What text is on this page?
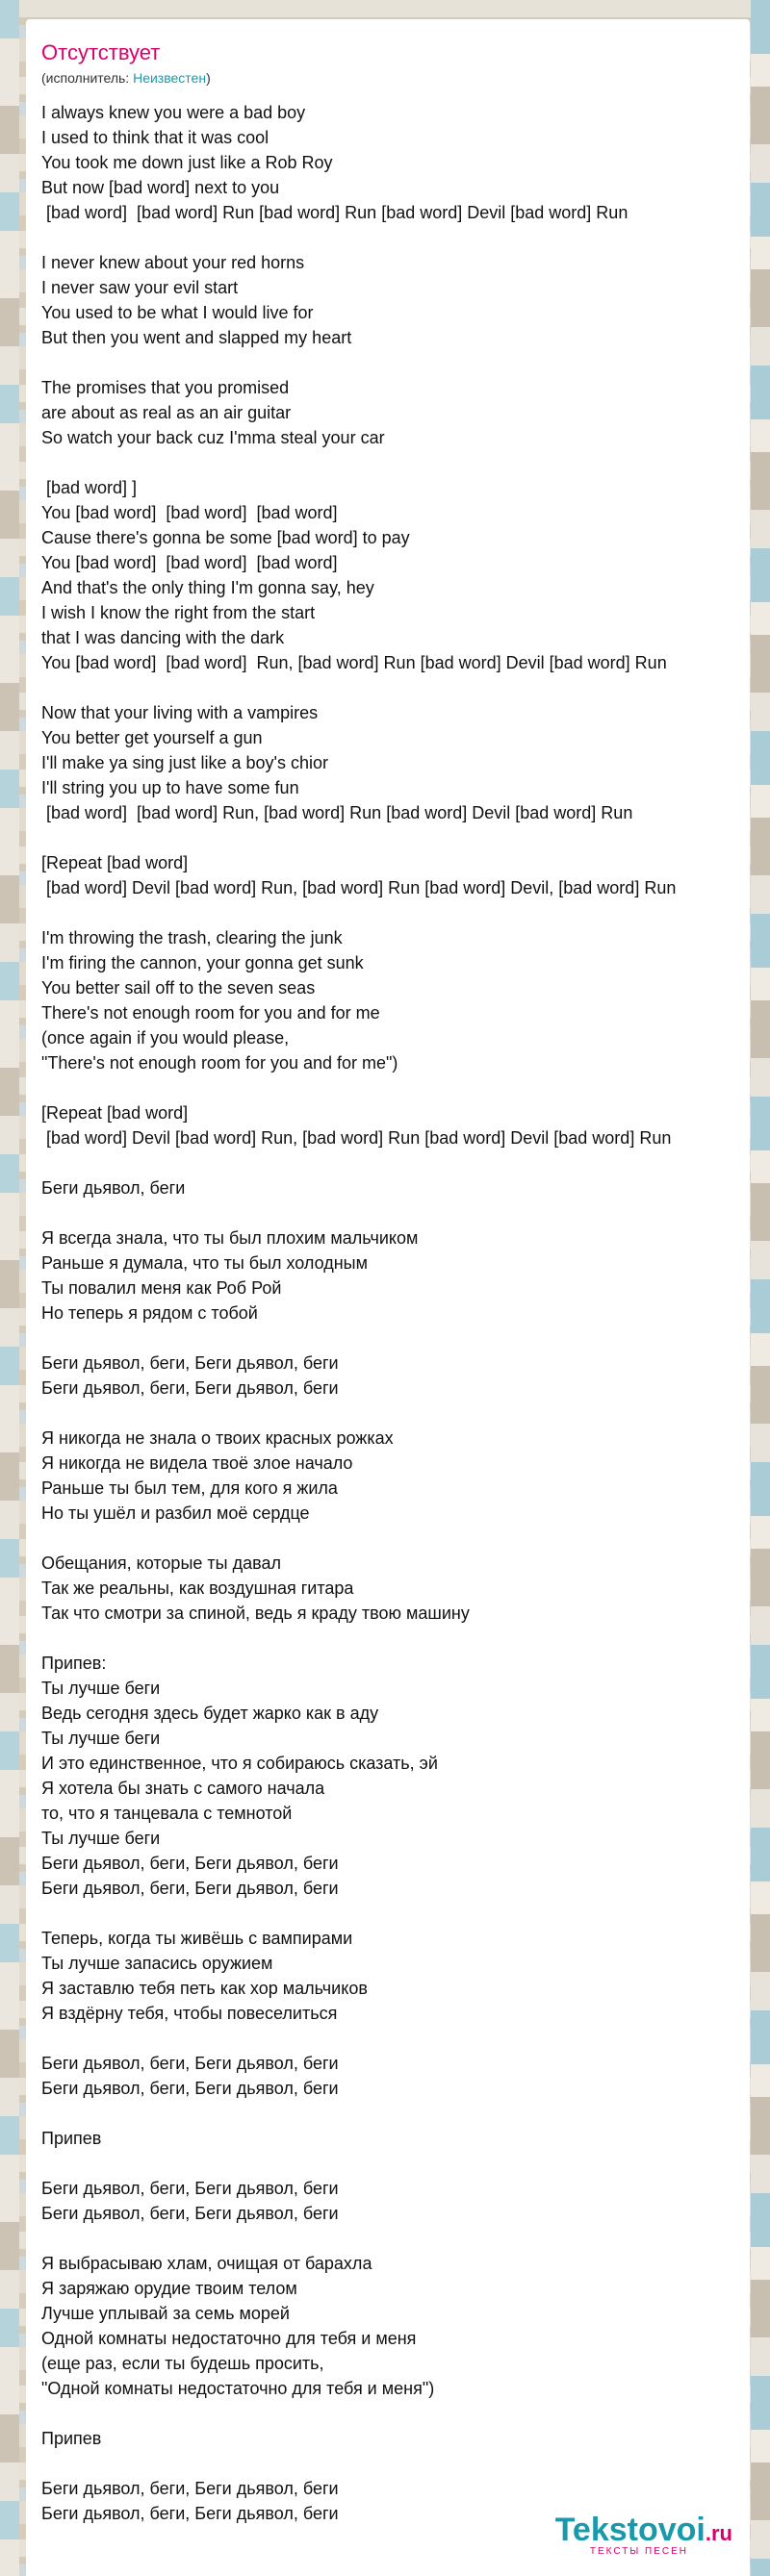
Отсутствует
(исполнитель: Неизвестен)
I always knew you were a bad boy
I used to think that it was cool
You took me down just like a Rob Roy
But now [bad word] next to you
[bad word]  [bad word] Run [bad word] Run [bad word] Devil [bad word] Run
I never knew about your red horns
I never saw your evil start
You used to be what I would live for
But then you went and slapped my heart
The promises that you promised
are about as real as an air guitar
So watch your back cuz I'mma steal your car
[bad word] ]
You [bad word]  [bad word]  [bad word]
Cause there's gonna be some [bad word] to pay
You [bad word]  [bad word]  [bad word]
And that's the only thing I'm gonna say, hey
I wish I know the right from the start
that I was dancing with the dark
You [bad word]  [bad word]  Run, [bad word] Run [bad word] Devil [bad word] Run
Now that your living with a vampires
You better get yourself a gun
I'll make ya sing just like a boy's chior
I'll string you up to have some fun
[bad word]  [bad word] Run, [bad word] Run [bad word] Devil [bad word] Run
[Repeat [bad word]
[bad word] Devil [bad word] Run, [bad word] Run [bad word] Devil, [bad word] Run
I'm throwing the trash, clearing the junk
I'm firing the cannon, your gonna get sunk
You better sail off to the seven seas
There's not enough room for you and for me
(once again if you would please,
"There's not enough room for you and for me")
[Repeat [bad word]
[bad word] Devil [bad word] Run, [bad word] Run [bad word] Devil [bad word] Run
Беги дьявол, беги
Я всегда знала, что ты был плохим мальчиком
Раньше я думала, что ты был холодным
Ты повалил меня как Роб Рой
Но теперь я рядом с тобой
Беги дьявол, беги, Беги дьявол, беги
Беги дьявол, беги, Беги дьявол, беги
Я никогда не знала о твоих красных рожках
Я никогда не видела твоё злое начало
Раньше ты был тем, для кого я жила
Но ты ушёл и разбил моё сердце
Обещания, которые ты давал
Так же реальны, как воздушная гитара
Так что смотри за спиной, ведь я краду твою машину
Припев:
Ты лучше беги
Ведь сегодня здесь будет жарко как в аду
Ты лучше беги
И это единственное, что я собираюсь сказать, эй
Я хотела бы знать с самого начала
то, что я танцевала с темнотой
Ты лучше беги
Беги дьявол, беги, Беги дьявол, беги
Беги дьявол, беги, Беги дьявол, беги
Теперь, когда ты живёшь с вампирами
Ты лучше запасись оружием
Я заставлю тебя петь как хор мальчиков
Я вздёрну тебя, чтобы повеселиться
Беги дьявол, беги, Беги дьявол, беги
Беги дьявол, беги, Беги дьявол, беги
Припев
Беги дьявол, беги, Беги дьявол, беги
Беги дьявол, беги, Беги дьявол, беги
Я выбрасываю хлам, очищая от барахла
Я заряжаю орудие твоим телом
Лучше уплывай за семь морей
Одной комнаты недостаточно для тебя и меня
(еще раз, если ты будешь просить,
"Одной комнаты недостаточно для тебя и меня")
Припев
Беги дьявол, беги, Беги дьявол, беги
Беги дьявол, беги, Беги дьявол, беги	Tekstovoi.ru
ТЕКСТЫ ПЕСЕН
